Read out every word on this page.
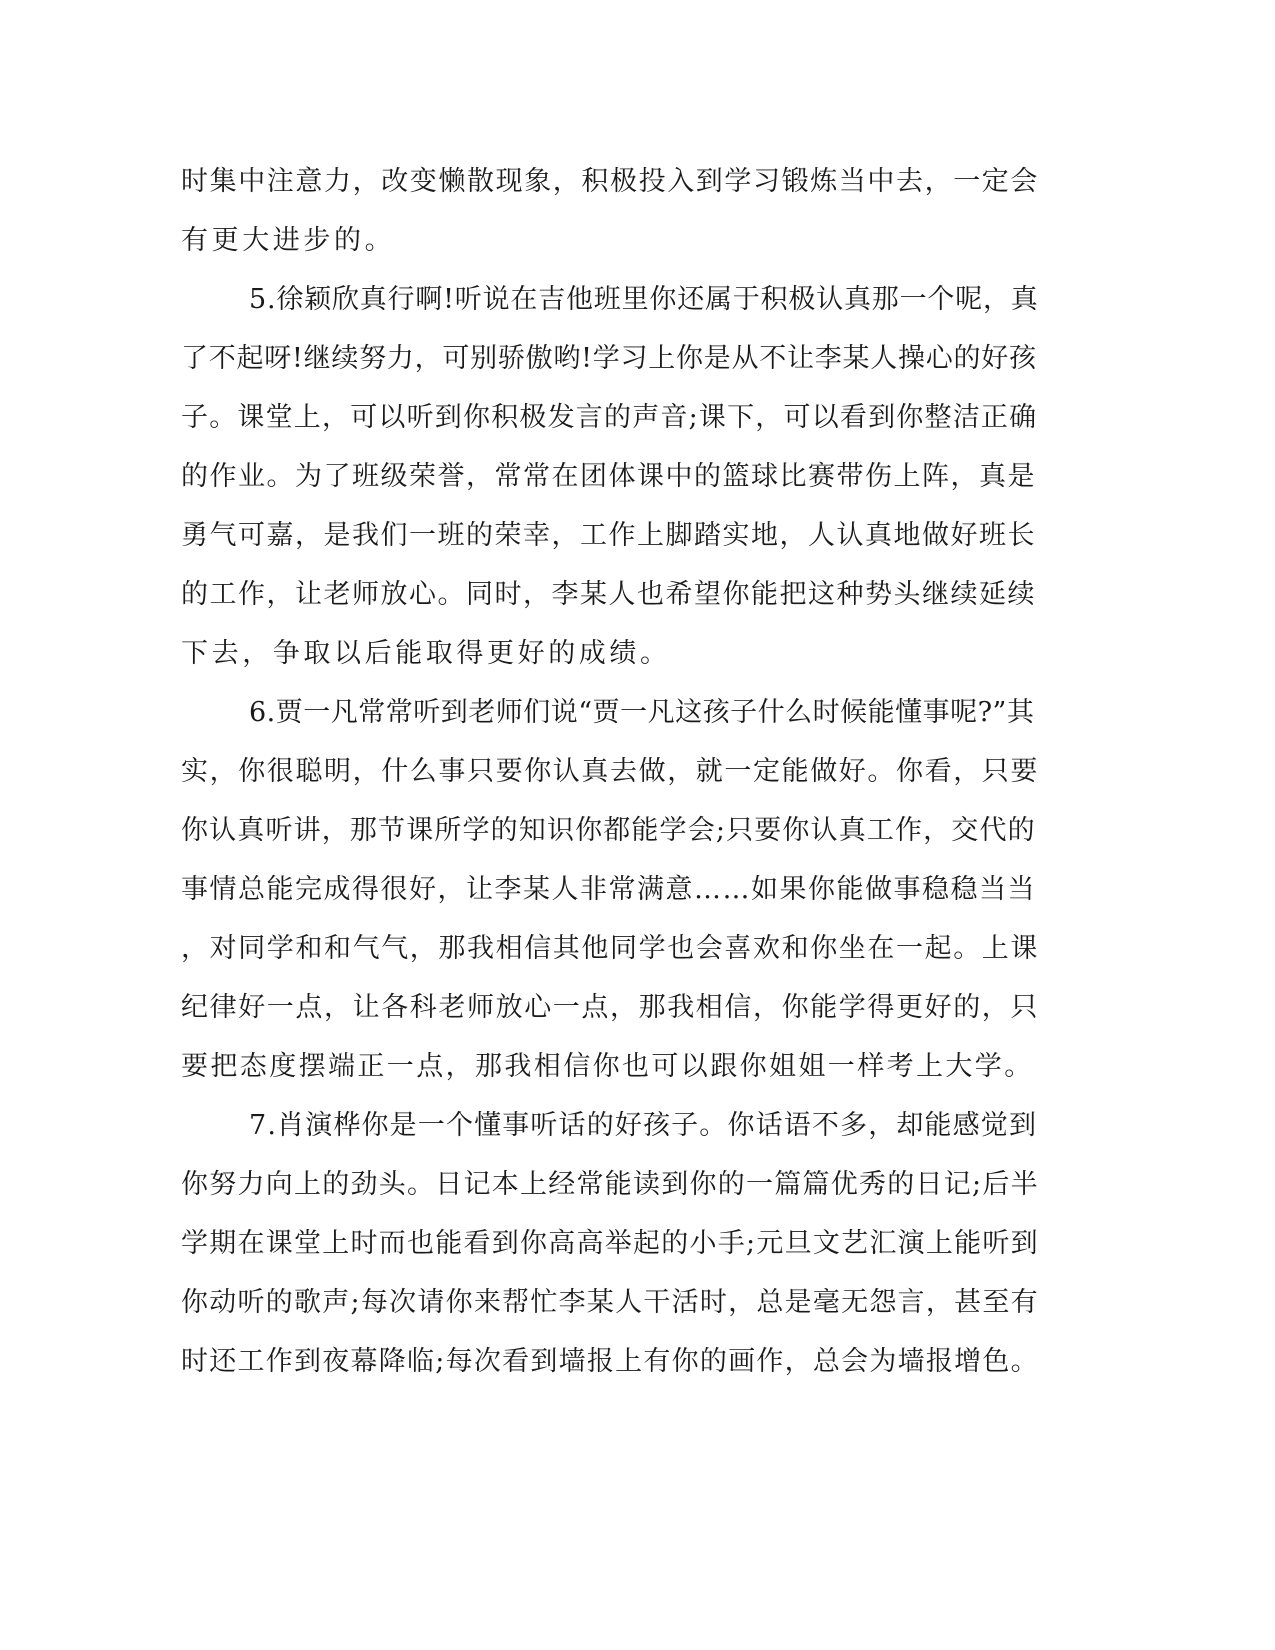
时集中注意力，改变懒散现象，积极投入到学习锻炼当中去，一定会

有更大进步的。

5.徐颖欣真行啊!听说在吉他班里你还属于积极认真那一个呢，真

了不起呀!继续努力，可别骄傲哟!学习上你是从不让李某人操心的好孩

子。课堂上，可以听到你积极发言的声音;课下，可以看到你整洁正确

的作业。为了班级荣誉，常常在团体课中的篮球比赛带伤上阵，真是

勇气可嘉，是我们一班的荣幸，工作上脚踏实地，人认真地做好班长

的工作，让老师放心。同时，李某人也希望你能把这种势头继续延续

下去，争取以后能取得更好的成绩。

6.贾一凡常常听到老师们说“贾一凡这孩子什么时候能懂事呢?”其

实，你很聪明，什么事只要你认真去做，就一定能做好。你看，只要

你认真听讲，那节课所学的知识你都能学会;只要你认真工作，交代的

事情总能完成得很好，让李某人非常满意……如果你能做事稳稳当当

，对同学和和气气，那我相信其他同学也会喜欢和你坐在一起。上课

纪律好一点，让各科老师放心一点，那我相信，你能学得更好的，只

要把态度摆端正一点，那我相信你也可以跟你姐姐一样考上大学。

7.肖演桦你是一个懂事听话的好孩子。你话语不多，却能感觉到

你努力向上的劲头。日记本上经常能读到你的一篇篇优秀的日记;后半

学期在课堂上时而也能看到你高高举起的小手;元旦文艺汇演上能听到

你动听的歌声;每次请你来帮忙李某人干活时，总是毫无怨言，甚至有

时还工作到夜幕降临;每次看到墙报上有你的画作，总会为墙报增色。
